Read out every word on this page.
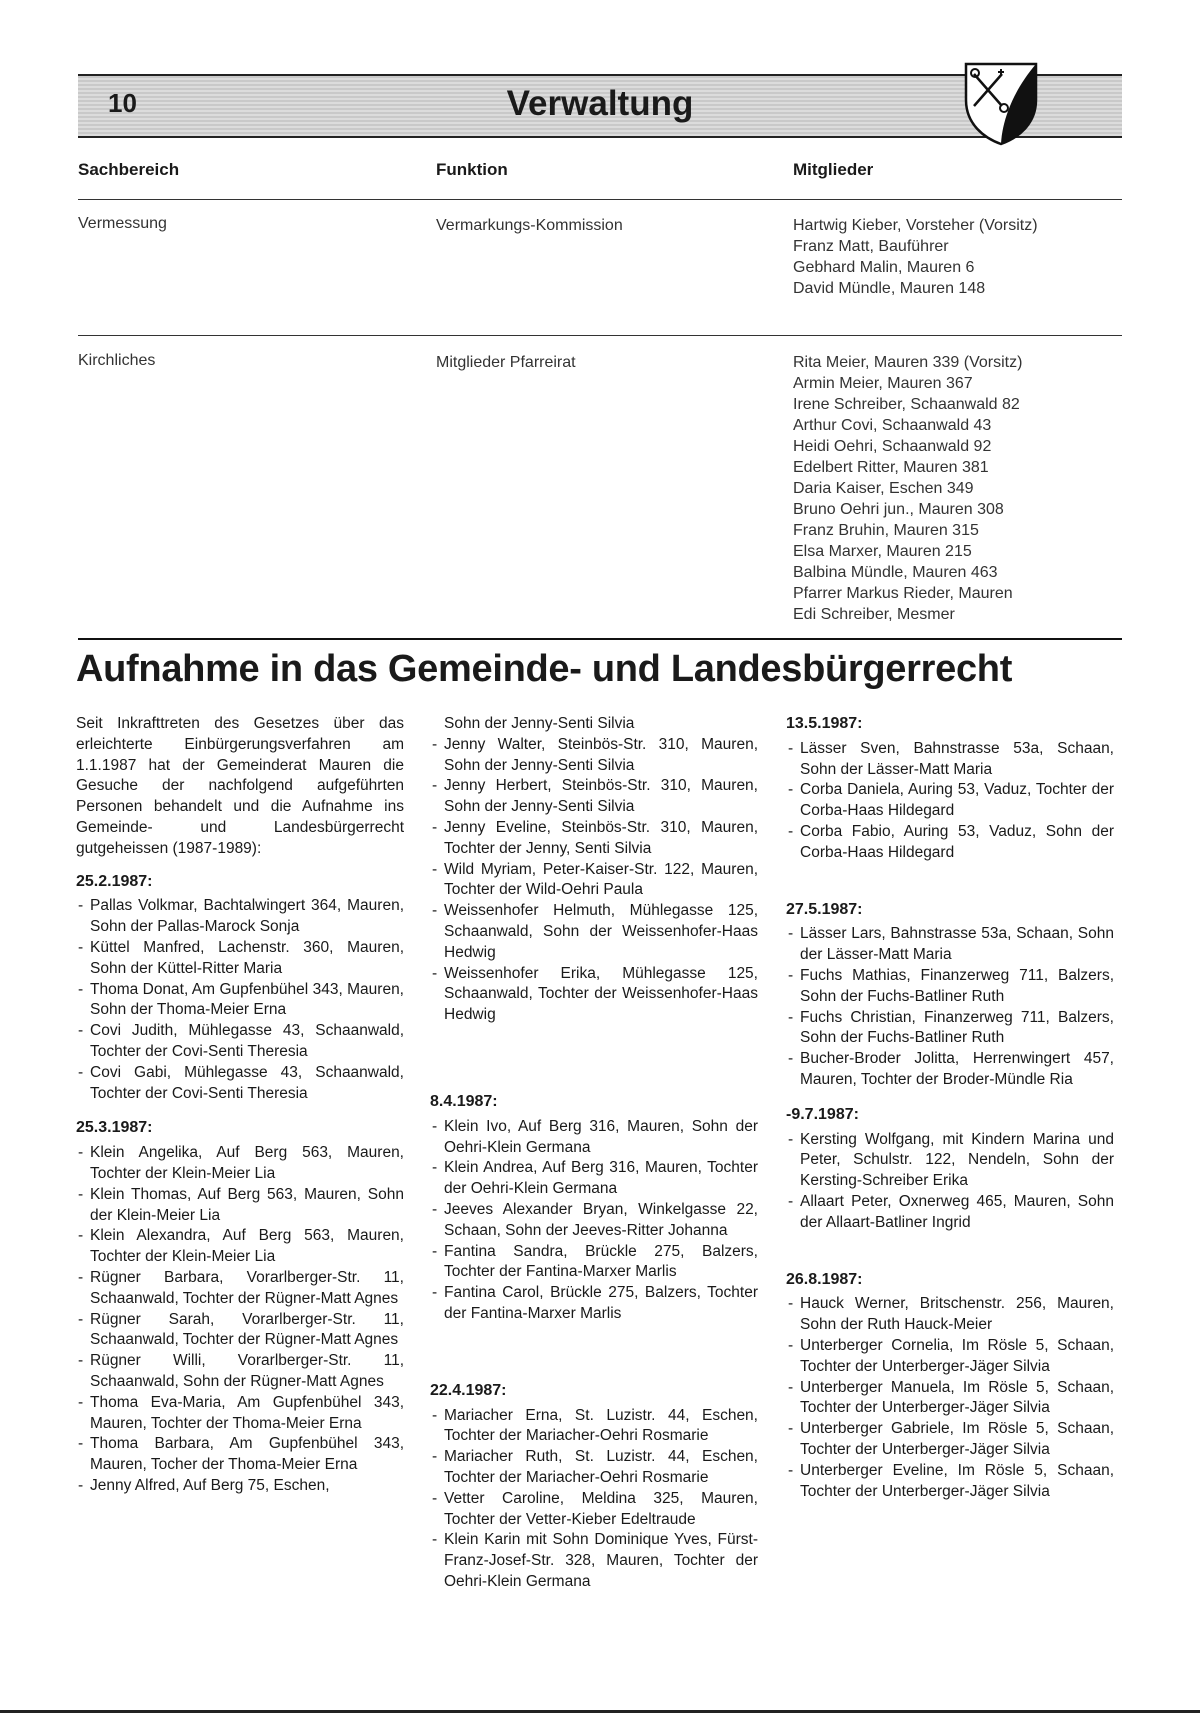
10	Verwaltung
Sachbereich	Funktion	Mitglieder
Vermessung	Vermarkungs-Kommission	Hartwig Kieber, Vorsteher (Vorsitz)
Franz Matt, Bauführer
Gebhard Malin, Mauren 6
David Mündle, Mauren 148
Kirchliches	Mitglieder Pfarreirat	Rita Meier, Mauren 339 (Vorsitz)
Armin Meier, Mauren 367
Irene Schreiber, Schaanwald 82
Arthur Covi, Schaanwald 43
Heidi Oehri, Schaanwald 92
Edelbert Ritter, Mauren 381
Daria Kaiser, Eschen 349
Bruno Oehri jun., Mauren 308
Franz Bruhin, Mauren 315
Elsa Marxer, Mauren 215
Balbina Mündle, Mauren 463
Pfarrer Markus Rieder, Mauren
Edi Schreiber, Mesmer
Aufnahme in das Gemeinde- und Landesbürgerrecht

Seit Inkrafttreten des Gesetzes über das erleichterte Einbürgerungsverfahren am 1.1.1987 hat der Gemeinderat Mauren die Gesuche der nachfolgend aufgeführten Personen behandelt und die Aufnahme ins Gemeinde- und Landesbürgerrecht gutgeheissen (1987-1989):

25.2.1987:
- Pallas Volkmar, Bachtalwingert 364, Mauren, Sohn der Pallas-Marock Sonja
- Küttel Manfred, Lachenstr. 360, Mauren, Sohn der Küttel-Ritter Maria
- Thoma Donat, Am Gupfenbühel 343, Mauren, Sohn der Thoma-Meier Erna
- Covi Judith, Mühlegasse 43, Schaanwald, Tochter der Covi-Senti Theresia
- Covi Gabi, Mühlegasse 43, Schaanwald, Tochter der Covi-Senti Theresia
25.3.1987:
- Klein Angelika, Auf Berg 563, Mauren, Tochter der Klein-Meier Lia
- Klein Thomas, Auf Berg 563, Mauren, Sohn der Klein-Meier Lia
- Klein Alexandra, Auf Berg 563, Mauren, Tochter der Klein-Meier Lia
- Rügner Barbara, Vorarlberger-Str. 11, Schaanwald, Tochter der Rügner-Matt Agnes
- Rügner Sarah, Vorarlberger-Str. 11, Schaanwald, Tochter der Rügner-Matt Agnes
- Rügner Willi, Vorarlberger-Str. 11, Schaanwald, Sohn der Rügner-Matt Agnes
- Thoma Eva-Maria, Am Gupfenbühel 343, Mauren, Tochter der Thoma-Meier Erna
- Thoma Barbara, Am Gupfenbühel 343, Mauren, Tocher der Thoma-Meier Erna
- Jenny Alfred, Auf Berg 75, Eschen,
Sohn der Jenny-Senti Silvia
- Jenny Walter, Steinbös-Str. 310, Mauren, Sohn der Jenny-Senti Silvia
- Jenny Herbert, Steinbös-Str. 310, Mauren, Sohn der Jenny-Senti Silvia
- Jenny Eveline, Steinbös-Str. 310, Mauren, Tochter der Jenny, Senti Silvia
- Wild Myriam, Peter-Kaiser-Str. 122, Mauren, Tochter der Wild-Oehri Paula
- Weissenhofer Helmuth, Mühlegasse 125, Schaanwald, Sohn der Weissenhofer-Haas Hedwig
- Weissenhofer Erika, Mühlegasse 125, Schaanwald, Tochter der Weissenhofer-Haas Hedwig
8.4.1987:
- Klein Ivo, Auf Berg 316, Mauren, Sohn der Oehri-Klein Germana
- Klein Andrea, Auf Berg 316, Mauren, Tochter der Oehri-Klein Germana
- Jeeves Alexander Bryan, Winkelgasse 22, Schaan, Sohn der Jeeves-Ritter Johanna
- Fantina Sandra, Brückle 275, Balzers, Tochter der Fantina-Marxer Marlis
- Fantina Carol, Brückle 275, Balzers, Tochter der Fantina-Marxer Marlis
22.4.1987:
- Mariacher Erna, St. Luzistr. 44, Eschen, Tochter der Mariacher-Oehri Rosmarie
- Mariacher Ruth, St. Luzistr. 44, Eschen, Tochter der Mariacher-Oehri Rosmarie
- Vetter Caroline, Meldina 325, Mauren, Tochter der Vetter-Kieber Edeltraude
- Klein Karin mit Sohn Dominique Yves, Fürst-Franz-Josef-Str. 328, Mauren, Tochter der Oehri-Klein Germana
13.5.1987:
- Lässer Sven, Bahnstrasse 53a, Schaan, Sohn der Lässer-Matt Maria
- Corba Daniela, Auring 53, Vaduz, Tochter der Corba-Haas Hildegard
- Corba Fabio, Auring 53, Vaduz, Sohn der Corba-Haas Hildegard
27.5.1987:
- Lässer Lars, Bahnstrasse 53a, Schaan, Sohn der Lässer-Matt Maria
- Fuchs Mathias, Finanzerweg 711, Balzers, Sohn der Fuchs-Batliner Ruth
- Fuchs Christian, Finanzerweg 711, Balzers, Sohn der Fuchs-Batliner Ruth
- Bucher-Broder Jolitta, Herrenwingert 457, Mauren, Tochter der Broder-Mündle Ria
-9.7.1987:
- Kersting Wolfgang, mit Kindern Marina und Peter, Schulstr. 122, Nendeln, Sohn der Kersting-Schreiber Erika
- Allaart Peter, Oxnerweg 465, Mauren, Sohn der Allaart-Batliner Ingrid
26.8.1987:
- Hauck Werner, Britschenstr. 256, Mauren, Sohn der Ruth Hauck-Meier
- Unterberger Cornelia, Im Rösle 5, Schaan, Tochter der Unterberger-Jäger Silvia
- Unterberger Manuela, Im Rösle 5, Schaan, Tochter der Unterberger-Jäger Silvia
- Unterberger Gabriele, Im Rösle 5, Schaan, Tochter der Unterberger-Jäger Silvia
- Unterberger Eveline, Im Rösle 5, Schaan, Tochter der Unterberger-Jäger Silvia
